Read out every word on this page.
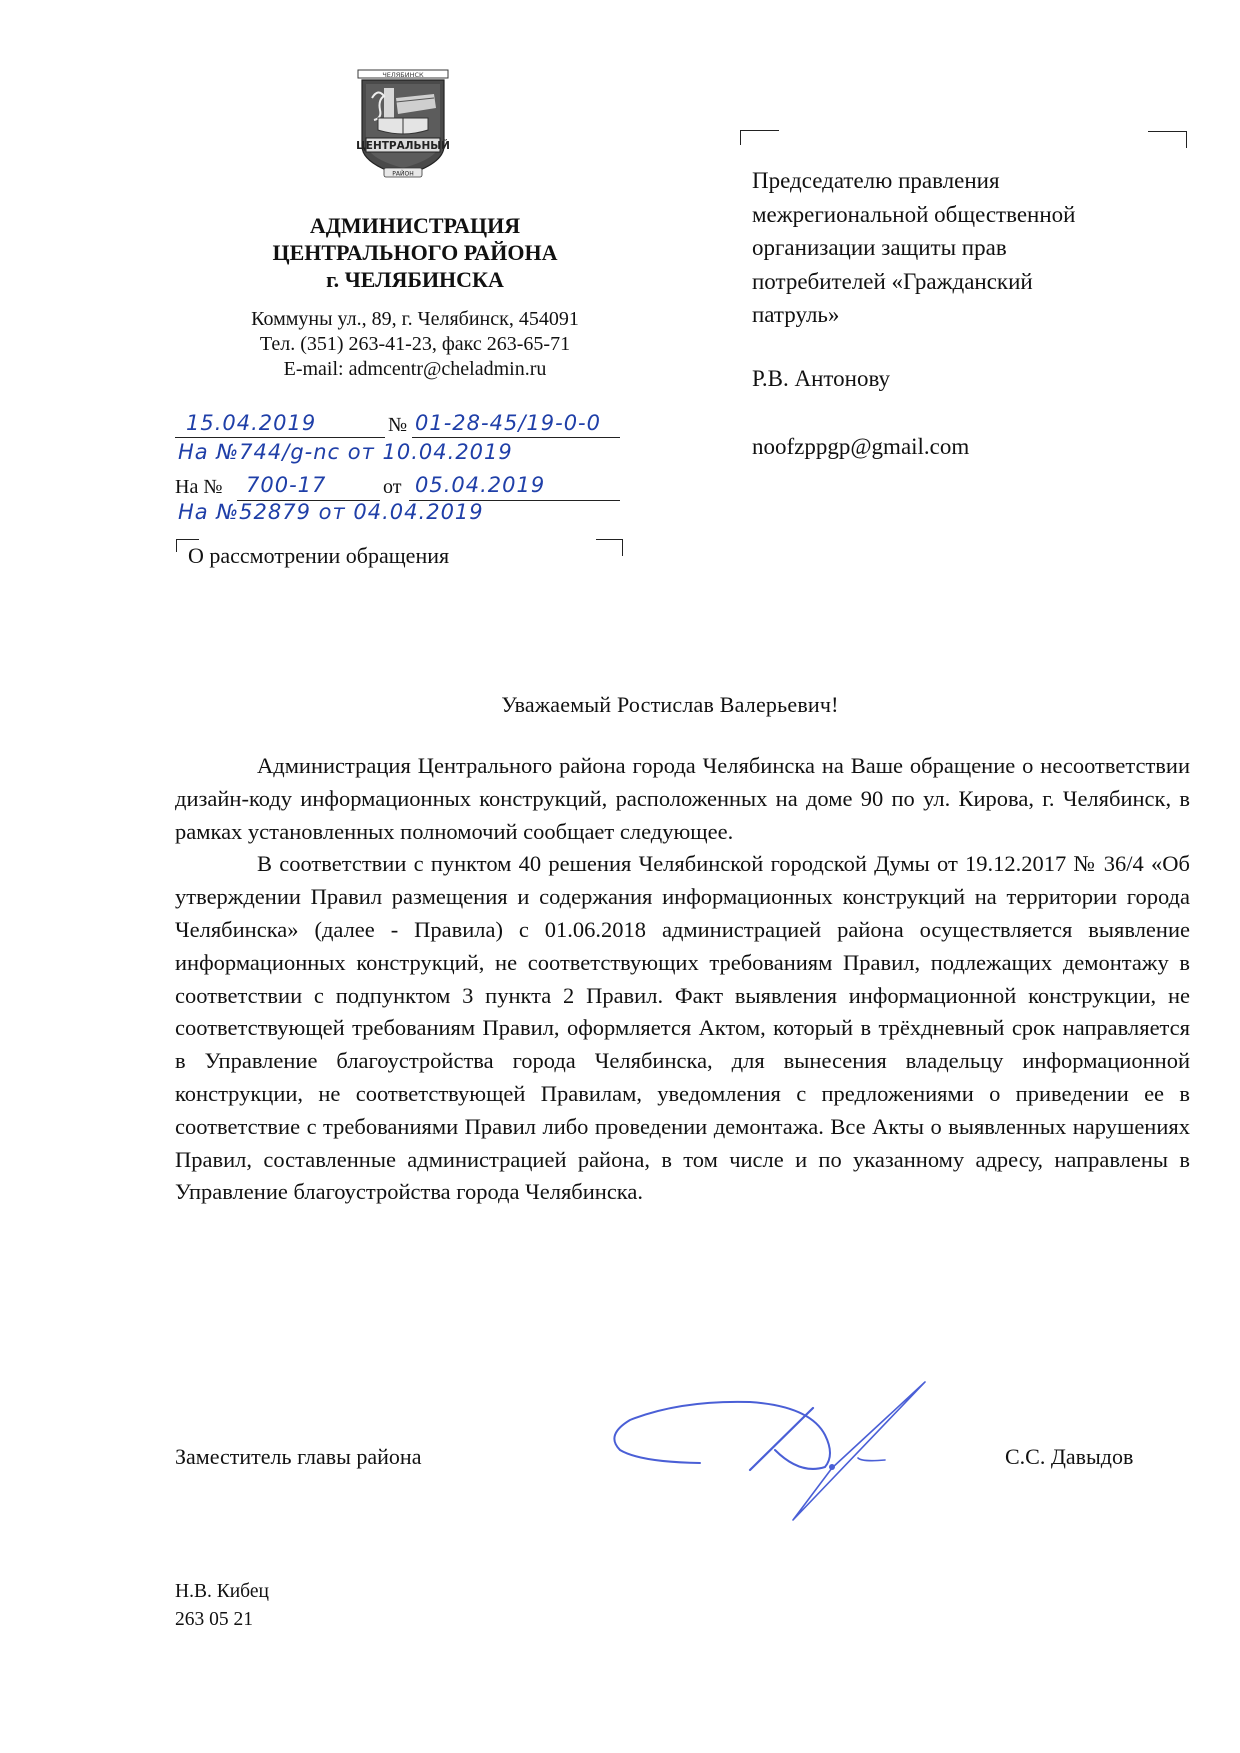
ЧЕЛЯБИНСК
ЦЕНТРАЛЬНЫЙ
РАЙОН
АДМИНИСТРАЦИЯ
ЦЕНТРАЛЬНОГО РАЙОНА
г. ЧЕЛЯБИНСКА
Коммуны ул., 89, г. Челябинск, 454091
Тел. (351) 263-41-23, факс 263-65-71
E-mail: admcentr@cheladmin.ru
15.04.2019	№ 01-28-45/19-0-0
На №744/g-nc от 10.04.2019
На № 700-17	от 05.04.2019
На №52879 от 04.04.2019
О рассмотрении обращения
Председателю правления
межрегиональной общественной
организации защиты прав
потребителей «Гражданский
патруль»
Р.В. Антонову
noofzppgp@gmail.com
Уважаемый Ростислав Валерьевич!

Администрация Центрального района города Челябинска на Ваше обращение о несоответствии дизайн-коду информационных конструкций, расположенных на доме 90 по ул. Кирова, г. Челябинск, в рамках установленных полномочий сообщает следующее.

В соответствии с пунктом 40 решения Челябинской городской Думы от 19.12.2017 № 36/4 «Об утверждении Правил размещения и содержания информационных конструкций на территории города Челябинска» (далее - Правила) с 01.06.2018 администрацией района осуществляется выявление информационных конструкций, не соответствующих требованиям Правил, подлежащих демонтажу в соответствии с подпунктом 3 пункта 2 Правил. Факт выявления информационной конструкции, не соответствующей требованиям Правил, оформляется Актом, который в трёхдневный срок направляется в Управление благоустройства города Челябинска, для вынесения владельцу информационной конструкции, не соответствующей Правилам, уведомления с предложениями о приведении ее в соответствие с требованиями Правил либо проведении демонтажа. Все Акты о выявленных нарушениях Правил, составленные администрацией района, в том числе и по указанному адресу, направлены в Управление благоустройства города Челябинска.

Заместитель главы района	С.С. Давыдов
Н.В. Кибец
263 05 21
